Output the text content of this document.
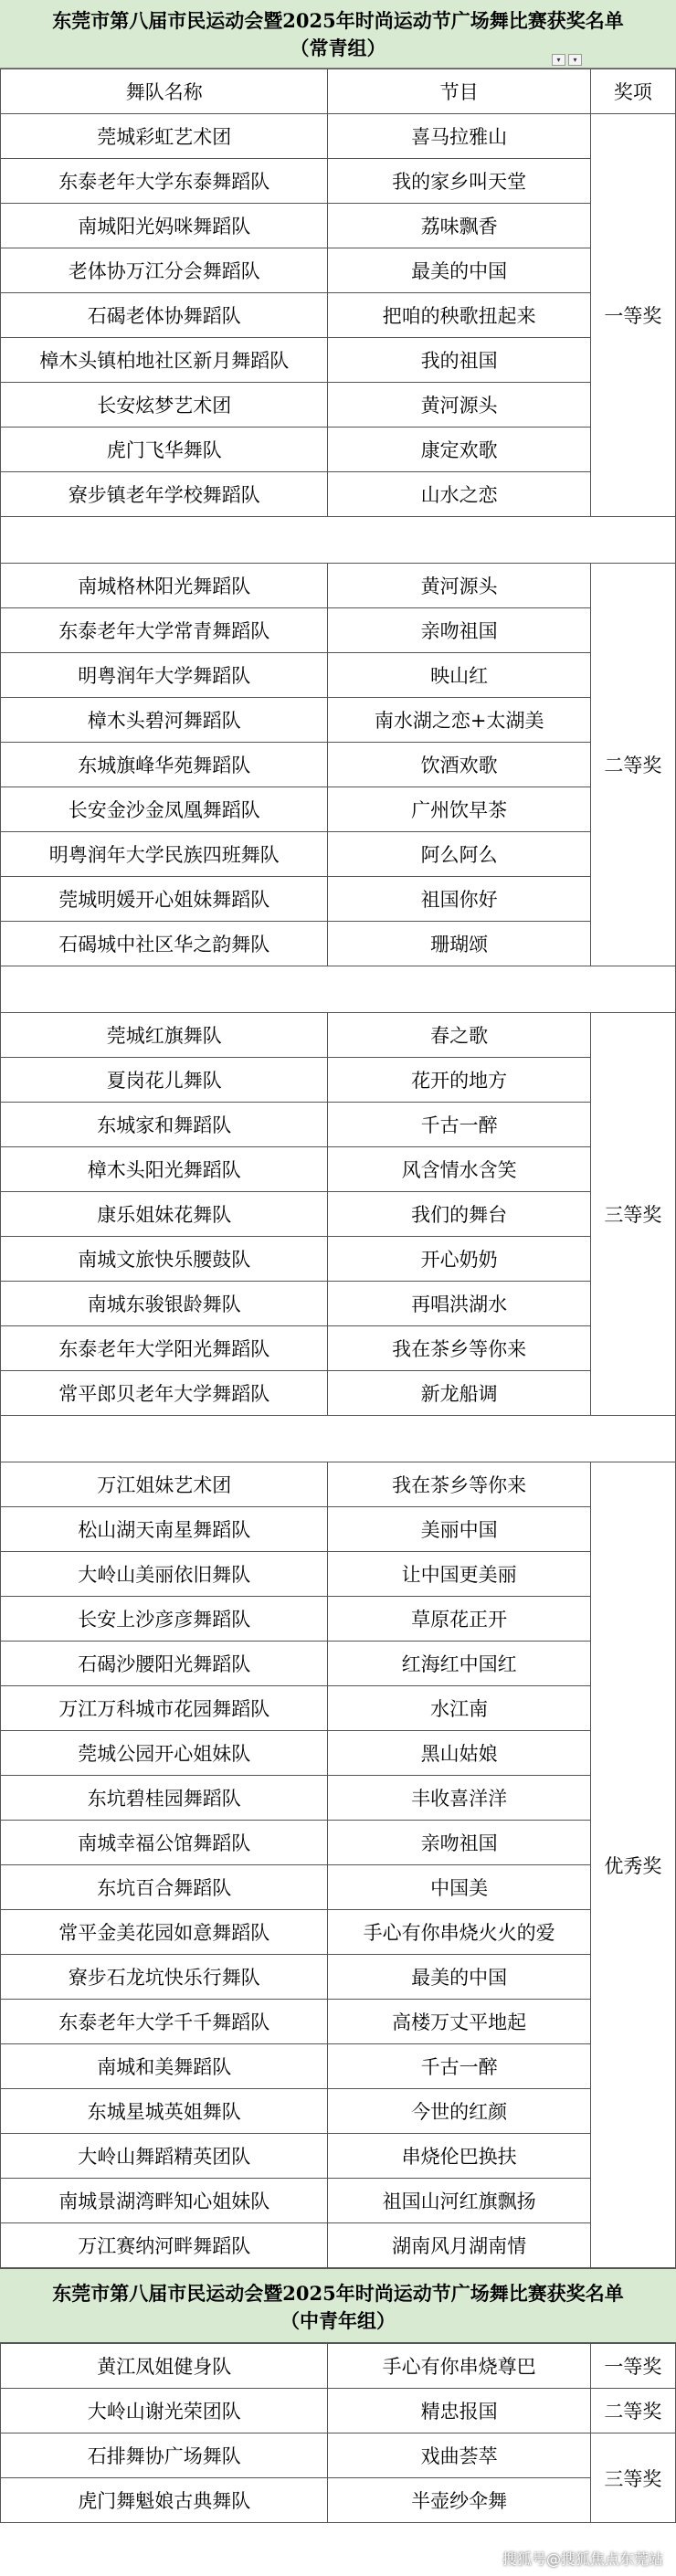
东莞市第八届市民运动会暨2025年时尚运动节广场舞比赛获奖名单
（常青组）	▾	▾
舞队名称	节目	奖项
莞城彩虹艺术团	喜马拉雅山	一等奖
东泰老年大学东泰舞蹈队	我的家乡叫天堂	
南城阳光妈咪舞蹈队	荔味飘香	
老体协万江分会舞蹈队	最美的中国	
石碣老体协舞蹈队	把咱的秧歌扭起来	
樟木头镇柏地社区新月舞蹈队	我的祖国	
长安炫梦艺术团	黄河源头	
虎门飞华舞队	康定欢歌	
寮步镇老年学校舞蹈队	山水之恋	

南城格林阳光舞蹈队	黄河源头	二等奖
东泰老年大学常青舞蹈队	亲吻祖国	
明粤润年大学舞蹈队	映山红	
樟木头碧河舞蹈队	南水湖之恋+太湖美	
东城旗峰华苑舞蹈队	饮酒欢歌	
长安金沙金凤凰舞蹈队	广州饮早茶	
明粤润年大学民族四班舞队	阿么阿么	
莞城明媛开心姐妹舞蹈队	祖国你好	
石碣城中社区华之韵舞队	珊瑚颂	

莞城红旗舞队	春之歌	三等奖
夏岗花儿舞队	花开的地方	
东城家和舞蹈队	千古一醉	
樟木头阳光舞蹈队	风含情水含笑	
康乐姐妹花舞队	我们的舞台	
南城文旅快乐腰鼓队	开心奶奶	
南城东骏银龄舞队	再唱洪湖水	
东泰老年大学阳光舞蹈队	我在茶乡等你来	
常平郎贝老年大学舞蹈队	新龙船调	

万江姐妹艺术团	我在茶乡等你来	优秀奖
松山湖天南星舞蹈队	美丽中国	
大岭山美丽依旧舞队	让中国更美丽	
长安上沙彦彦舞蹈队	草原花正开	
石碣沙腰阳光舞蹈队	红海红中国红	
万江万科城市花园舞蹈队	水江南	
莞城公园开心姐妹队	黑山姑娘	
东坑碧桂园舞蹈队	丰收喜洋洋	
南城幸福公馆舞蹈队	亲吻祖国	
东坑百合舞蹈队	中国美	
常平金美花园如意舞蹈队	手心有你串烧火火的爱	
寮步石龙坑快乐行舞队	最美的中国	
东泰老年大学千千舞蹈队	高楼万丈平地起	
南城和美舞蹈队	千古一醉	
东城星城英姐舞队	今世的红颜	
大岭山舞蹈精英团队	串烧伦巴换扶	
南城景湖湾畔知心姐妹队	祖国山河红旗飘扬	
万江赛纳河畔舞蹈队	湖南风月湖南情	
东莞市第八届市民运动会暨2025年时尚运动节广场舞比赛获奖名单
（中青年组）
黄江凤姐健身队	手心有你串烧尊巴	一等奖
大岭山谢光荣团队	精忠报国	二等奖
石排舞协广场舞队	戏曲荟萃	三等奖
虎门舞魁娘古典舞队	半壶纱伞舞	
搜狐号@搜狐焦点东莞站
